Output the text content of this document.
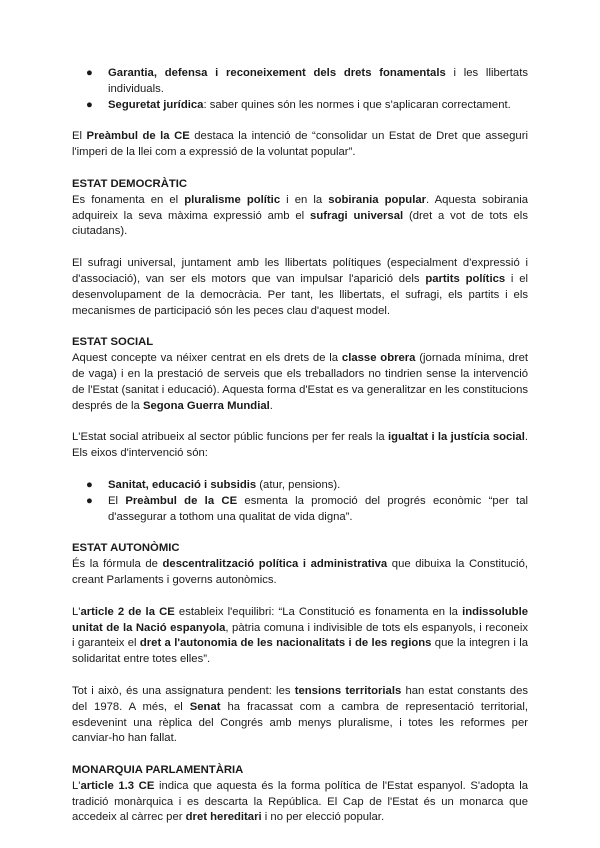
● Garantia, defensa i reconeixement dels drets fonamentals i les llibertats individuals.
● Seguretat jurídica: saber quines són les normes i que s'aplicaran correctament.

El Preàmbul de la CE destaca la intenció de “consolidar un Estat de Dret que asseguri l'imperi de la llei com a expressió de la voluntat popular”.

ESTAT DEMOCRÀTIC

Es fonamenta en el pluralisme polític i en la sobirania popular. Aquesta sobirania adquireix la seva màxima expressió amb el sufragi universal (dret a vot de tots els ciutadans).

El sufragi universal, juntament amb les llibertats polítiques (especialment d'expressió i d'associació), van ser els motors que van impulsar l'aparició dels partits polítics i el desenvolupament de la democràcia. Per tant, les llibertats, el sufragi, els partits i els mecanismes de participació són les peces clau d'aquest model.

ESTAT SOCIAL

Aquest concepte va néixer centrat en els drets de la classe obrera (jornada mínima, dret de vaga) i en la prestació de serveis que els treballadors no tindrien sense la intervenció de l'Estat (sanitat i educació). Aquesta forma d'Estat es va generalitzar en les constitucions després de la Segona Guerra Mundial.

L'Estat social atribueix al sector públic funcions per fer reals la igualtat i la justícia social. Els eixos d'intervenció són:

● Sanitat, educació i subsidis (atur, pensions).
● El Preàmbul de la CE esmenta la promoció del progrés econòmic “per tal d'assegurar a tothom una qualitat de vida digna”.

ESTAT AUTONÒMIC

És la fórmula de descentralització política i administrativa que dibuixa la Constitució, creant Parlaments i governs autonòmics.

L'article 2 de la CE estableix l'equilibri: “La Constitució es fonamenta en la indissoluble unitat de la Nació espanyola, pàtria comuna i indivisible de tots els espanyols, i reconeix i garanteix el dret a l'autonomia de les nacionalitats i de les regions que la integren i la solidaritat entre totes elles”.

Tot i això, és una assignatura pendent: les tensions territorials han estat constants des del 1978. A més, el Senat ha fracassat com a cambra de representació territorial, esdevenint una rèplica del Congrés amb menys pluralisme, i totes les reformes per canviar-ho han fallat.

MONARQUIA PARLAMENTÀRIA

L'article 1.3 CE indica que aquesta és la forma política de l'Estat espanyol. S'adopta la tradició monàrquica i es descarta la República. El Cap de l'Estat és un monarca que accedeix al càrrec per dret hereditari i no per elecció popular.
